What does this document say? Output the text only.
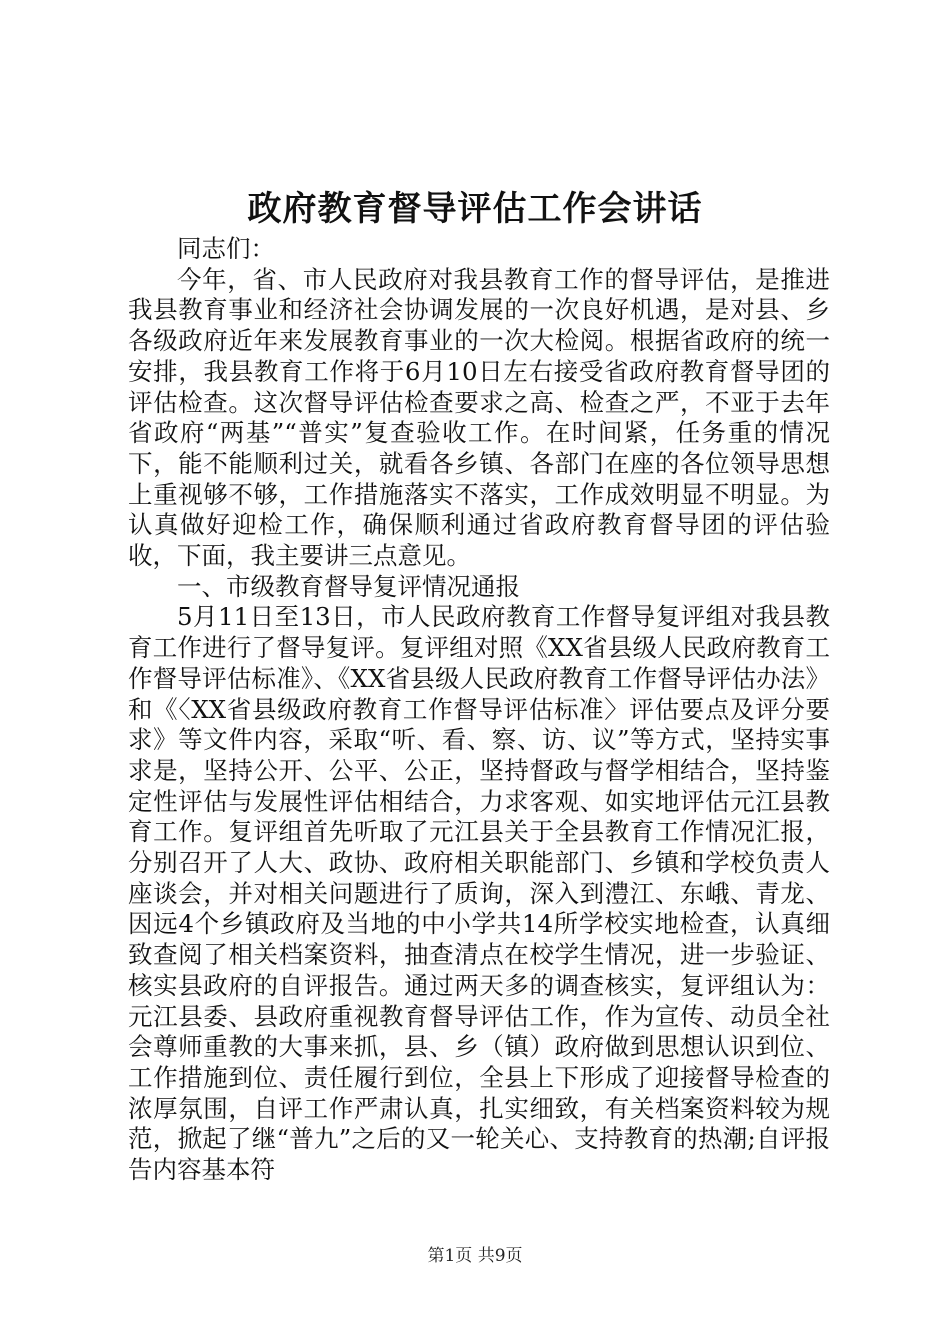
政府教育督导评估工作会讲话

同志们：

今年，省、市人民政府对我县教育工作的督导评估，是推进我县教育事业和经济社会协调发展的一次良好机遇，是对县、乡各级政府近年来发展教育事业的一次大检阅。根据省政府的统一安排，我县教育工作将于6月10日左右接受省政府教育督导团的评估检查。这次督导评估检查要求之高、检查之严，不亚于去年省政府“两基”“普实”复查验收工作。在时间紧，任务重的情况下，能不能顺利过关，就看各乡镇、各部门在座的各位领导思想上重视够不够，工作措施落实不落实，工作成效明显不明显。为认真做好迎检工作，确保顺利通过省政府教育督导团的评估验收，下面，我主要讲三点意见。

一、市级教育督导复评情况通报

5月11日至13日，市人民政府教育工作督导复评组对我县教育工作进行了督导复评。复评组对照《XX省县级人民政府教育工作督导评估标准》、《XX省县级人民政府教育工作督导评估办法》和《〈XX省县级政府教育工作督导评估标准〉评估要点及评分要求》等文件内容，采取“听、看、察、访、议”等方式，坚持实事求是，坚持公开、公平、公正，坚持督政与督学相结合，坚持鉴定性评估与发展性评估相结合，力求客观、如实地评估元江县教育工作。复评组首先听取了元江县关于全县教育工作情况汇报，分别召开了人大、政协、政府相关职能部门、乡镇和学校负责人座谈会，并对相关问题进行了质询，深入到澧江、东峨、青龙、因远4个乡镇政府及当地的中小学共14所学校实地检查，认真细致查阅了相关档案资料，抽查清点在校学生情况，进一步验证、核实县政府的自评报告。通过两天多的调查核实，复评组认为：元江县委、县政府重视教育督导评估工作，作为宣传、动员全社会尊师重教的大事来抓，县、乡（镇）政府做到思想认识到位、工作措施到位、责任履行到位，全县上下形成了迎接督导检查的浓厚氛围，自评工作严肃认真，扎实细致，有关档案资料较为规范，掀起了继“普九”之后的又一轮关心、支持教育的热潮;自评报告内容基本符

第1页 共9页
